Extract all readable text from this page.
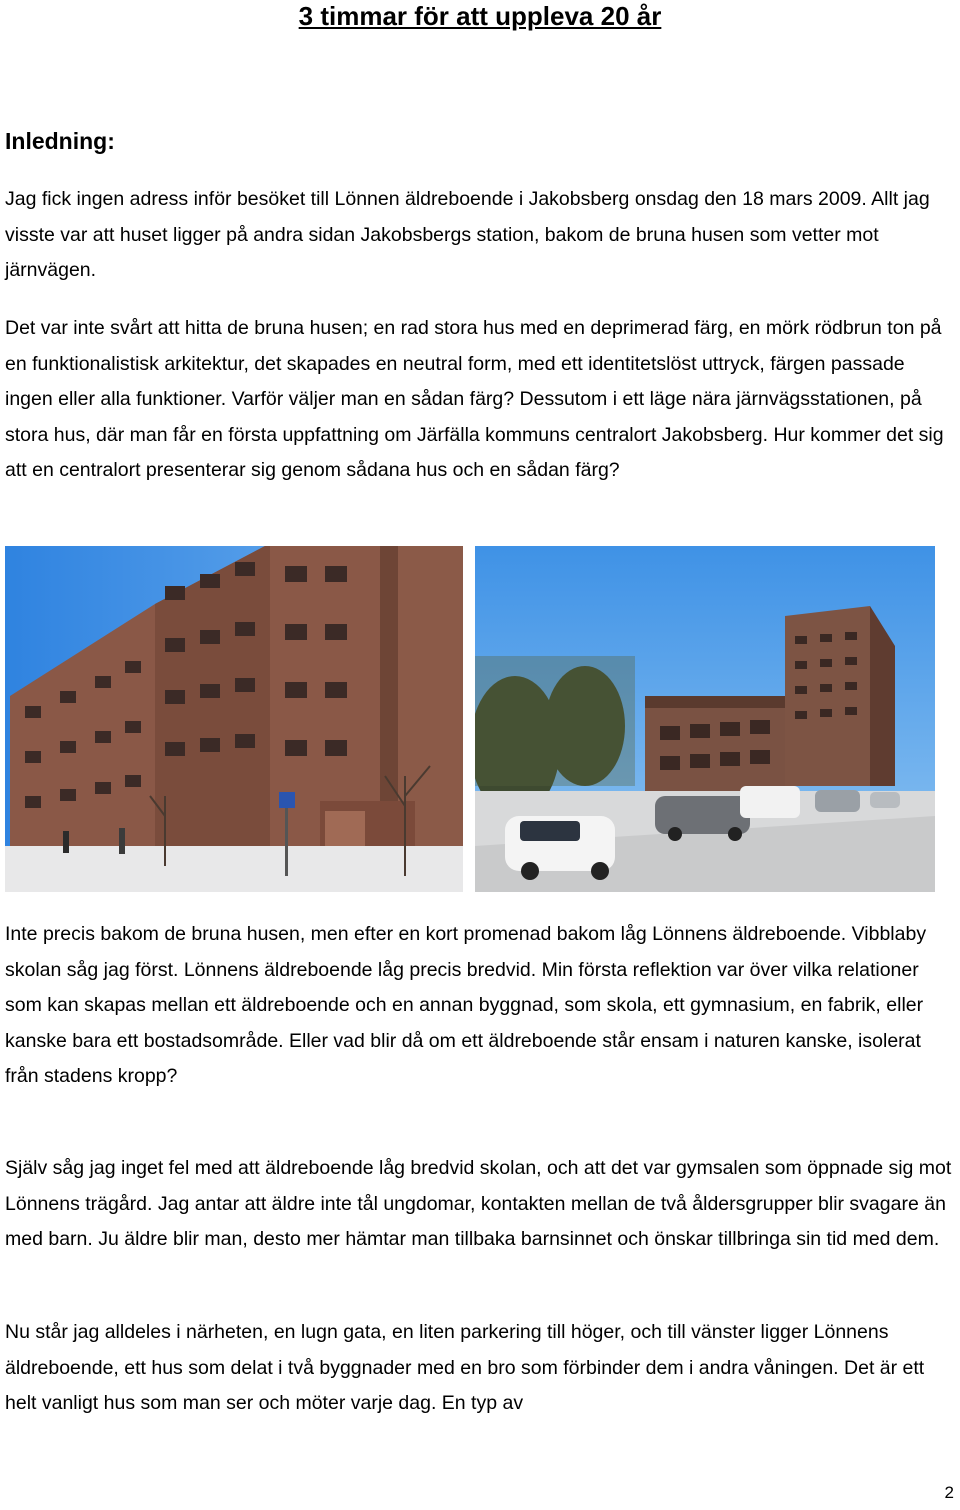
3 timmar för att uppleva 20 år
Inledning:

Jag fick ingen adress inför besöket till Lönnen äldreboende i Jakobsberg onsdag den 18 mars 2009. Allt jag visste var att huset ligger på andra sidan Jakobsbergs station, bakom de bruna husen som vetter mot järnvägen.

Det var inte svårt att hitta de bruna husen; en rad stora hus med en deprimerad färg, en mörk rödbrun ton på en funktionalistisk arkitektur, det skapades en neutral form, med ett identitetslöst uttryck, färgen passade ingen eller alla funktioner. Varför väljer man en sådan färg? Dessutom i ett läge nära järnvägsstationen, på stora hus, där man får en första uppfattning om Järfälla kommuns centralort Jakobsberg. Hur kommer det sig att en centralort presenterar sig genom sådana hus och en sådan färg?

Inte precis bakom de bruna husen, men efter en kort promenad bakom låg Lönnens äldreboende. Vibblaby skolan såg jag först. Lönnens äldreboende låg precis bredvid. Min första reflektion var över vilka relationer som kan skapas mellan ett äldreboende och en annan byggnad, som skola, ett gymnasium, en fabrik, eller kanske bara ett bostadsområde. Eller vad blir då om ett äldreboende står ensam i naturen kanske, isolerat från stadens kropp?

Själv såg jag inget fel med att äldreboende låg bredvid skolan, och att det var gymsalen som öppnade sig mot Lönnens trägård. Jag antar att äldre inte tål ungdomar, kontakten mellan de två åldersgrupper blir svagare än med barn. Ju äldre blir man, desto mer hämtar man tillbaka barnsinnet och önskar tillbringa sin tid med dem.

Nu står jag alldeles i närheten, en lugn gata, en liten parkering till höger, och till vänster ligger Lönnens äldreboende, ett hus som delat i två byggnader med en bro som förbinder dem i andra våningen. Det är ett helt vanligt hus som man ser och möter varje dag. En typ av

2
